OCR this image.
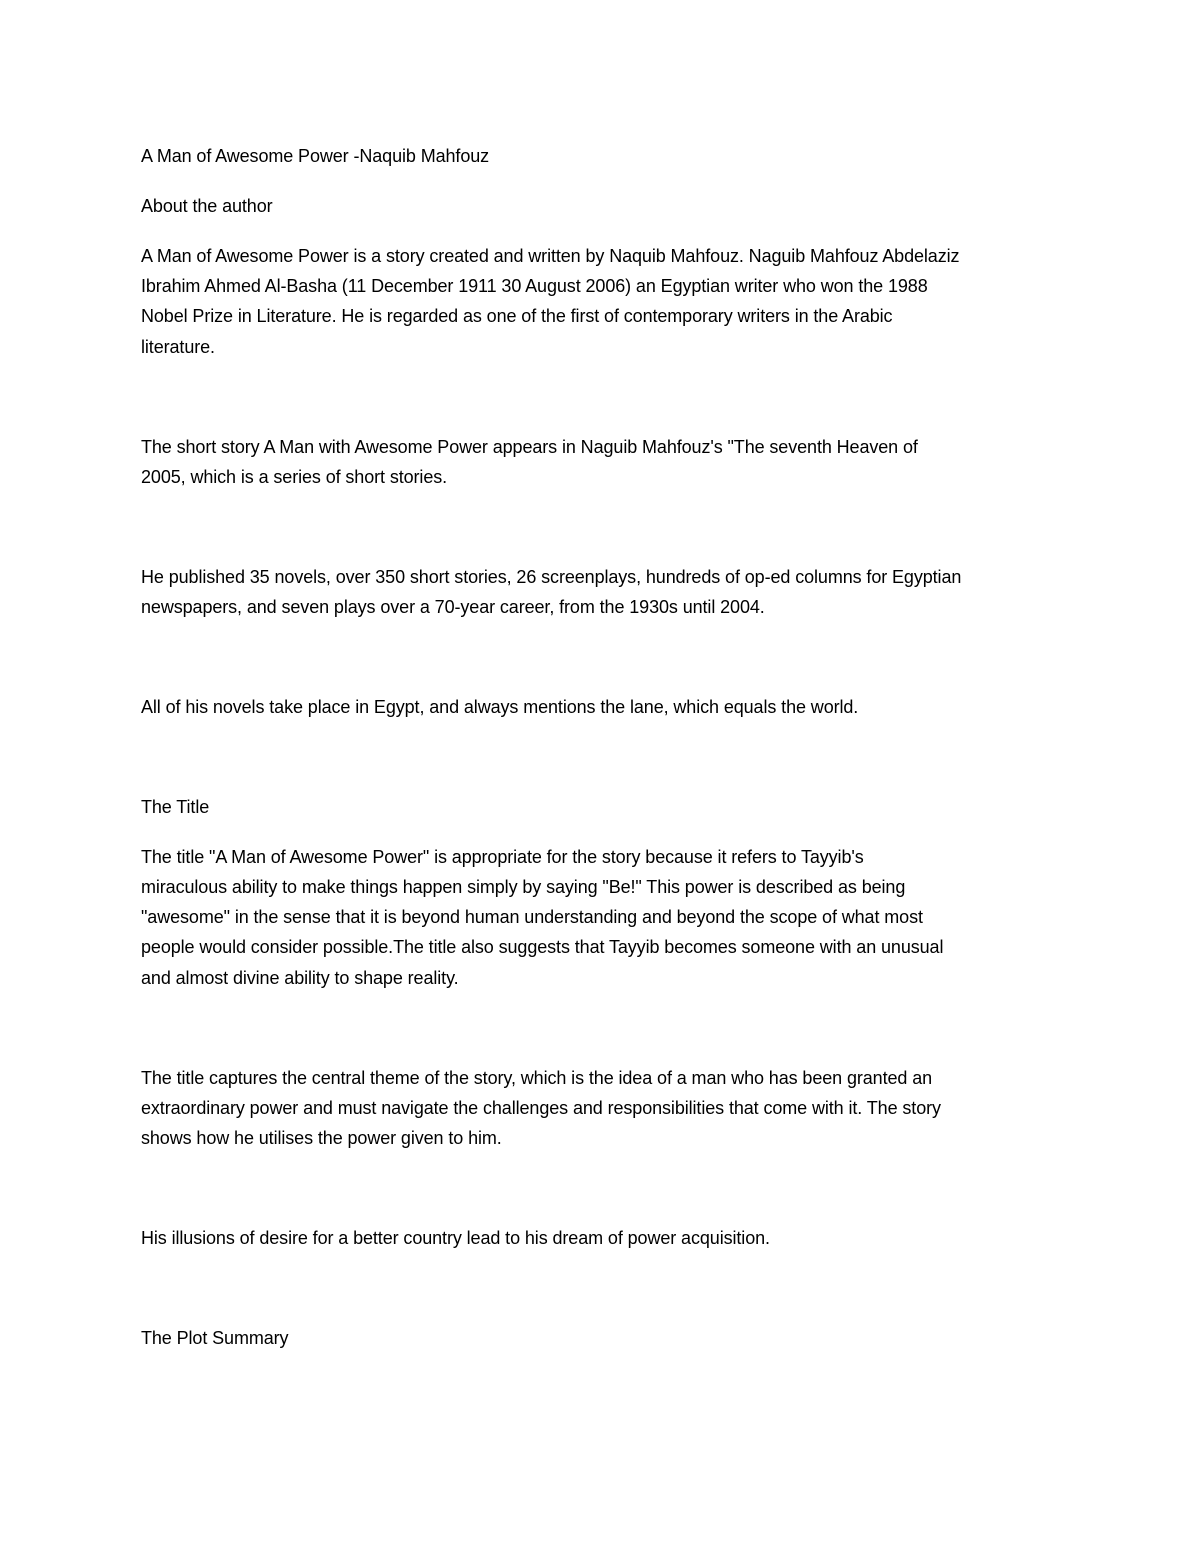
A Man of Awesome Power -Naquib Mahfouz

About the author

A Man of Awesome Power is a story created and written by Naquib Mahfouz. Naguib Mahfouz Abdelaziz

Ibrahim Ahmed Al-Basha (11 December 1911 30 August 2006) an Egyptian writer who won the 1988

Nobel Prize in Literature. He is regarded as one of the first of contemporary writers in the Arabic

literature.

The short story A Man with Awesome Power appears in Naguib Mahfouz's "The seventh Heaven of

2005, which is a series of short stories.

He published 35 novels, over 350 short stories, 26 screenplays, hundreds of op-ed columns for Egyptian

newspapers, and seven plays over a 70-year career, from the 1930s until 2004.

All of his novels take place in Egypt, and always mentions the lane, which equals the world.

The Title

The title "A Man of Awesome Power" is appropriate for the story because it refers to Tayyib's

miraculous ability to make things happen simply by saying "Be!" This power is described as being

"awesome" in the sense that it is beyond human understanding and beyond the scope of what most

people would consider possible.The title also suggests that Tayyib becomes someone with an unusual

and almost divine ability to shape reality.

The title captures the central theme of the story, which is the idea of a man who has been granted an

extraordinary power and must navigate the challenges and responsibilities that come with it. The story

shows how he utilises the power given to him.

His illusions of desire for a better country lead to his dream of power acquisition.

The Plot Summary
